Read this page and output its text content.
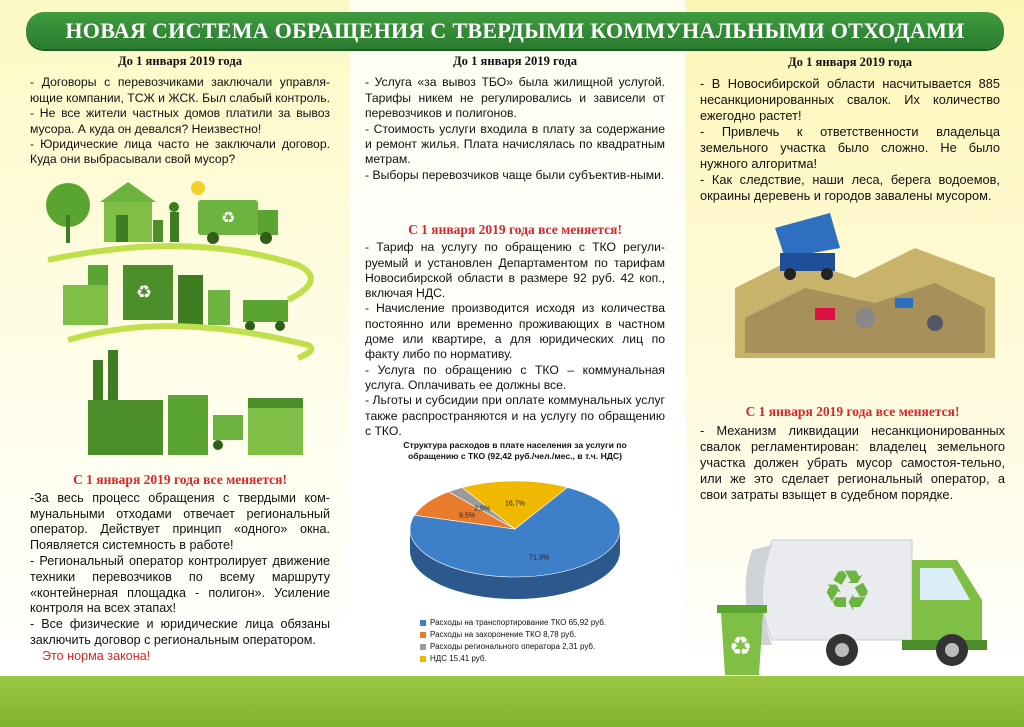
НОВАЯ СИСТЕМА ОБРАЩЕНИЯ С ТВЕРДЫМИ КОММУНАЛЬНЫМИ ОТХОДАМИ
До 1 января 2019 года

- Договоры с перевозчиками заключали управля-ющие компании, ТСЖ и ЖСК. Был слабый контроль.

- Не все жители частных домов платили за вывоз мусора. А куда он девался? Неизвестно!

- Юридические лица часто не заключали договор. Куда они выбрасывали свой мусор?

♻
♻
С 1 января 2019 года все меняется!

-За весь процесс обращения с твердыми ком-мунальными отходами отвечает региональный оператор. Действует принцип «одного» окна. Появляется системность в работе!

- Региональный оператор контролирует движение техники перевозчиков по всему маршруту «контейнерная площадка - полигон». Усиление контроля на всех этапах!

- Все физические и юридические лица обязаны заключить договор с региональным оператором.

Это норма закона!

До 1 января 2019 года

- Услуга «за вывоз ТБО» была жилищной услугой. Тарифы никем не регулировались и зависели от перевозчиков и полигонов.

- Стоимость услуги входила в плату за содержание и ремонт жилья. Плата начислялась по квадратным метрам.

- Выборы перевозчиков чаще были субъектив-ными.

С 1 января 2019 года все меняется!

- Тариф на услугу по обращению с ТКО регули-руемый и установлен Департаментом по тарифам Новосибирской области в размере 92 руб. 42 коп., включая НДС.

- Начисление производится исходя из количества постоянно или временно проживающих в частном доме или квартире, а для юридических лиц по факту либо по нормативу.

- Услуга по обращению с ТКО – коммунальная услуга. Оплачивать ее должны все.

- Льготы и субсидии при оплате коммунальных услуг также распространяются и на услугу по обращению с ТКО.

Структура расходов в плате населения за услуги по обращению с ТКО (92,42 руб./чел./мес., в т.ч. НДС)
71,3%
9,5%
2,5%
16,7%
Расходы на транспортирование ТКО 65,92 руб.
Расходы на захоронение ТКО 8,78 руб.
Расходы регионального оператора 2,31 руб.
НДС 15,41 руб.
До 1 января 2019 года

- В Новосибирской области насчитывается 885 несанкционированных свалок. Их количество ежегодно растет!

- Привлечь к ответственности владельца земельного участка было сложно. Не было нужного алгоритма!

- Как следствие, наши леса, берега водоемов, окраины деревень и городов завалены мусором.

С 1 января 2019 года все меняется!

- Механизм ликвидации несанкционированных свалок регламентирован: владелец земельного участка должен убрать мусор самостоя-тельно, или же это сделает региональный оператор, а свои затраты взыщет в судебном порядке.

♻
♻
